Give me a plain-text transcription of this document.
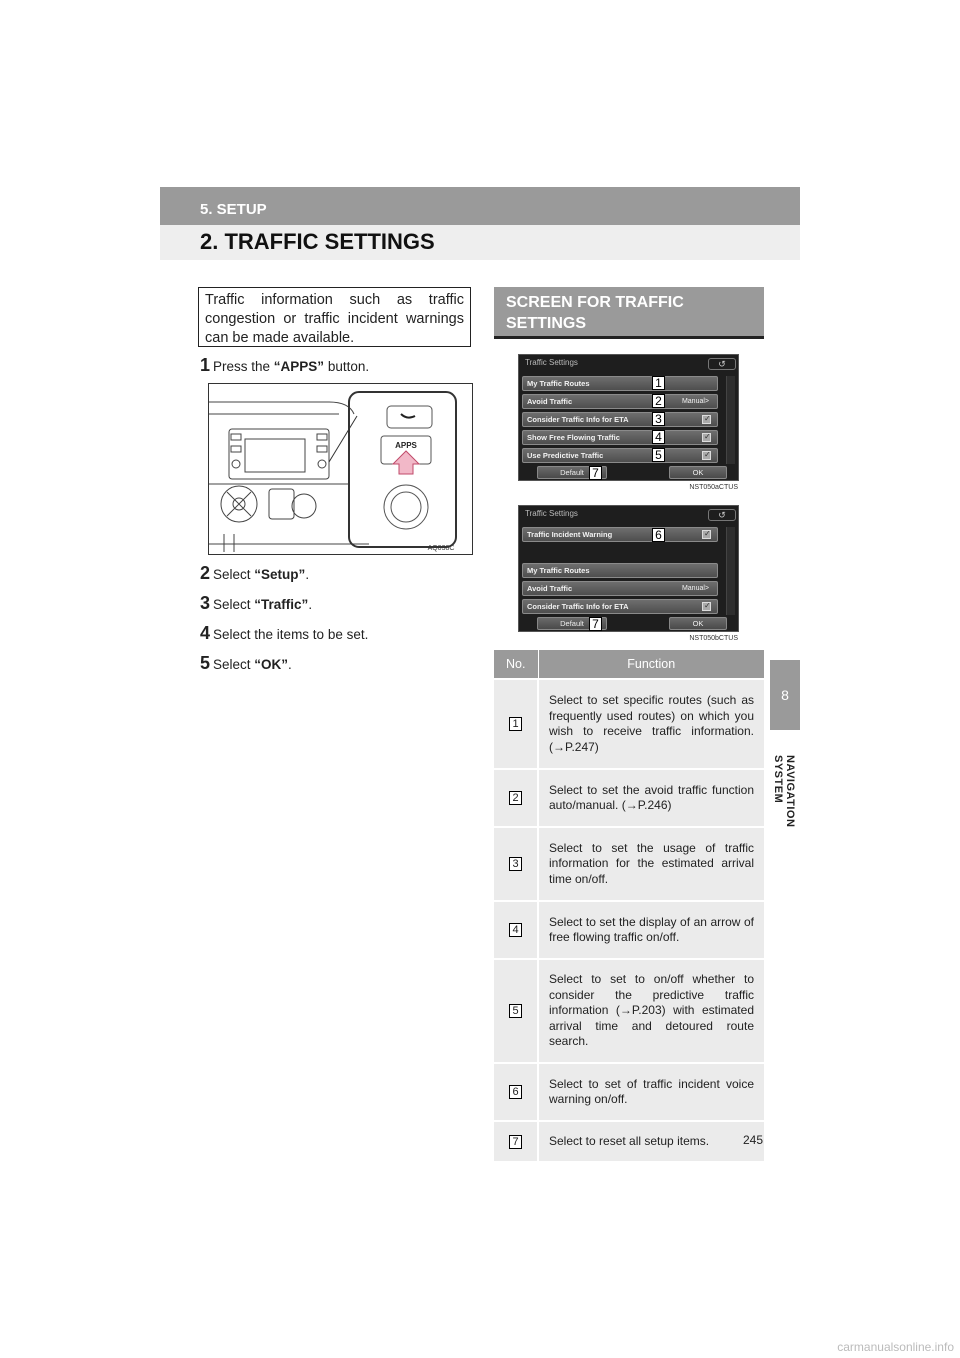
5. SETUP
2. TRAFFIC SETTINGS
8
NAVIGATION SYSTEM
Traffic information such as traffic congestion or traffic incident warnings can be made available.
1 Press the “APPS” button.
2 Select “Setup”.
3 Select “Traffic”.
4 Select the items to be set.
5 Select “OK”.
APPS
AQ038C
SCREEN FOR TRAFFIC SETTINGS
Traffic Settings	↺
My Traffic Routes	1
Avoid Traffic	Manual>
2
Consider Traffic Info for ETA ✓ 3
Show Free Flowing Traffic ✓	4
Use Predictive Traffic ✓	5
Default 7	OK
NST050aCTUS
Traffic Settings	↺
Traffic Incident Warning ✓	6
My Traffic Routes
Avoid Traffic	Manual>
Consider Traffic Info for ETA
✓
Default 7	OK
NST050bCTUS
No.	Function
1	Select to set specific routes (such as frequently used routes) on which you wish to receive traffic information. (→P.247)
2	Select to set the avoid traffic function auto/manual. (→P.246)
3	Select to set the usage of traffic information for the estimated arrival time on/off.
4	Select to set the display of an arrow of free flowing traffic on/off.
5	Select to set to on/off whether to consider the predictive traffic information (→P.203) with estimated arrival time and detoured route search.
6	Select to set of traffic incident voice warning on/off.
7	Select to reset all setup items.	245
carmanualsonline.info
